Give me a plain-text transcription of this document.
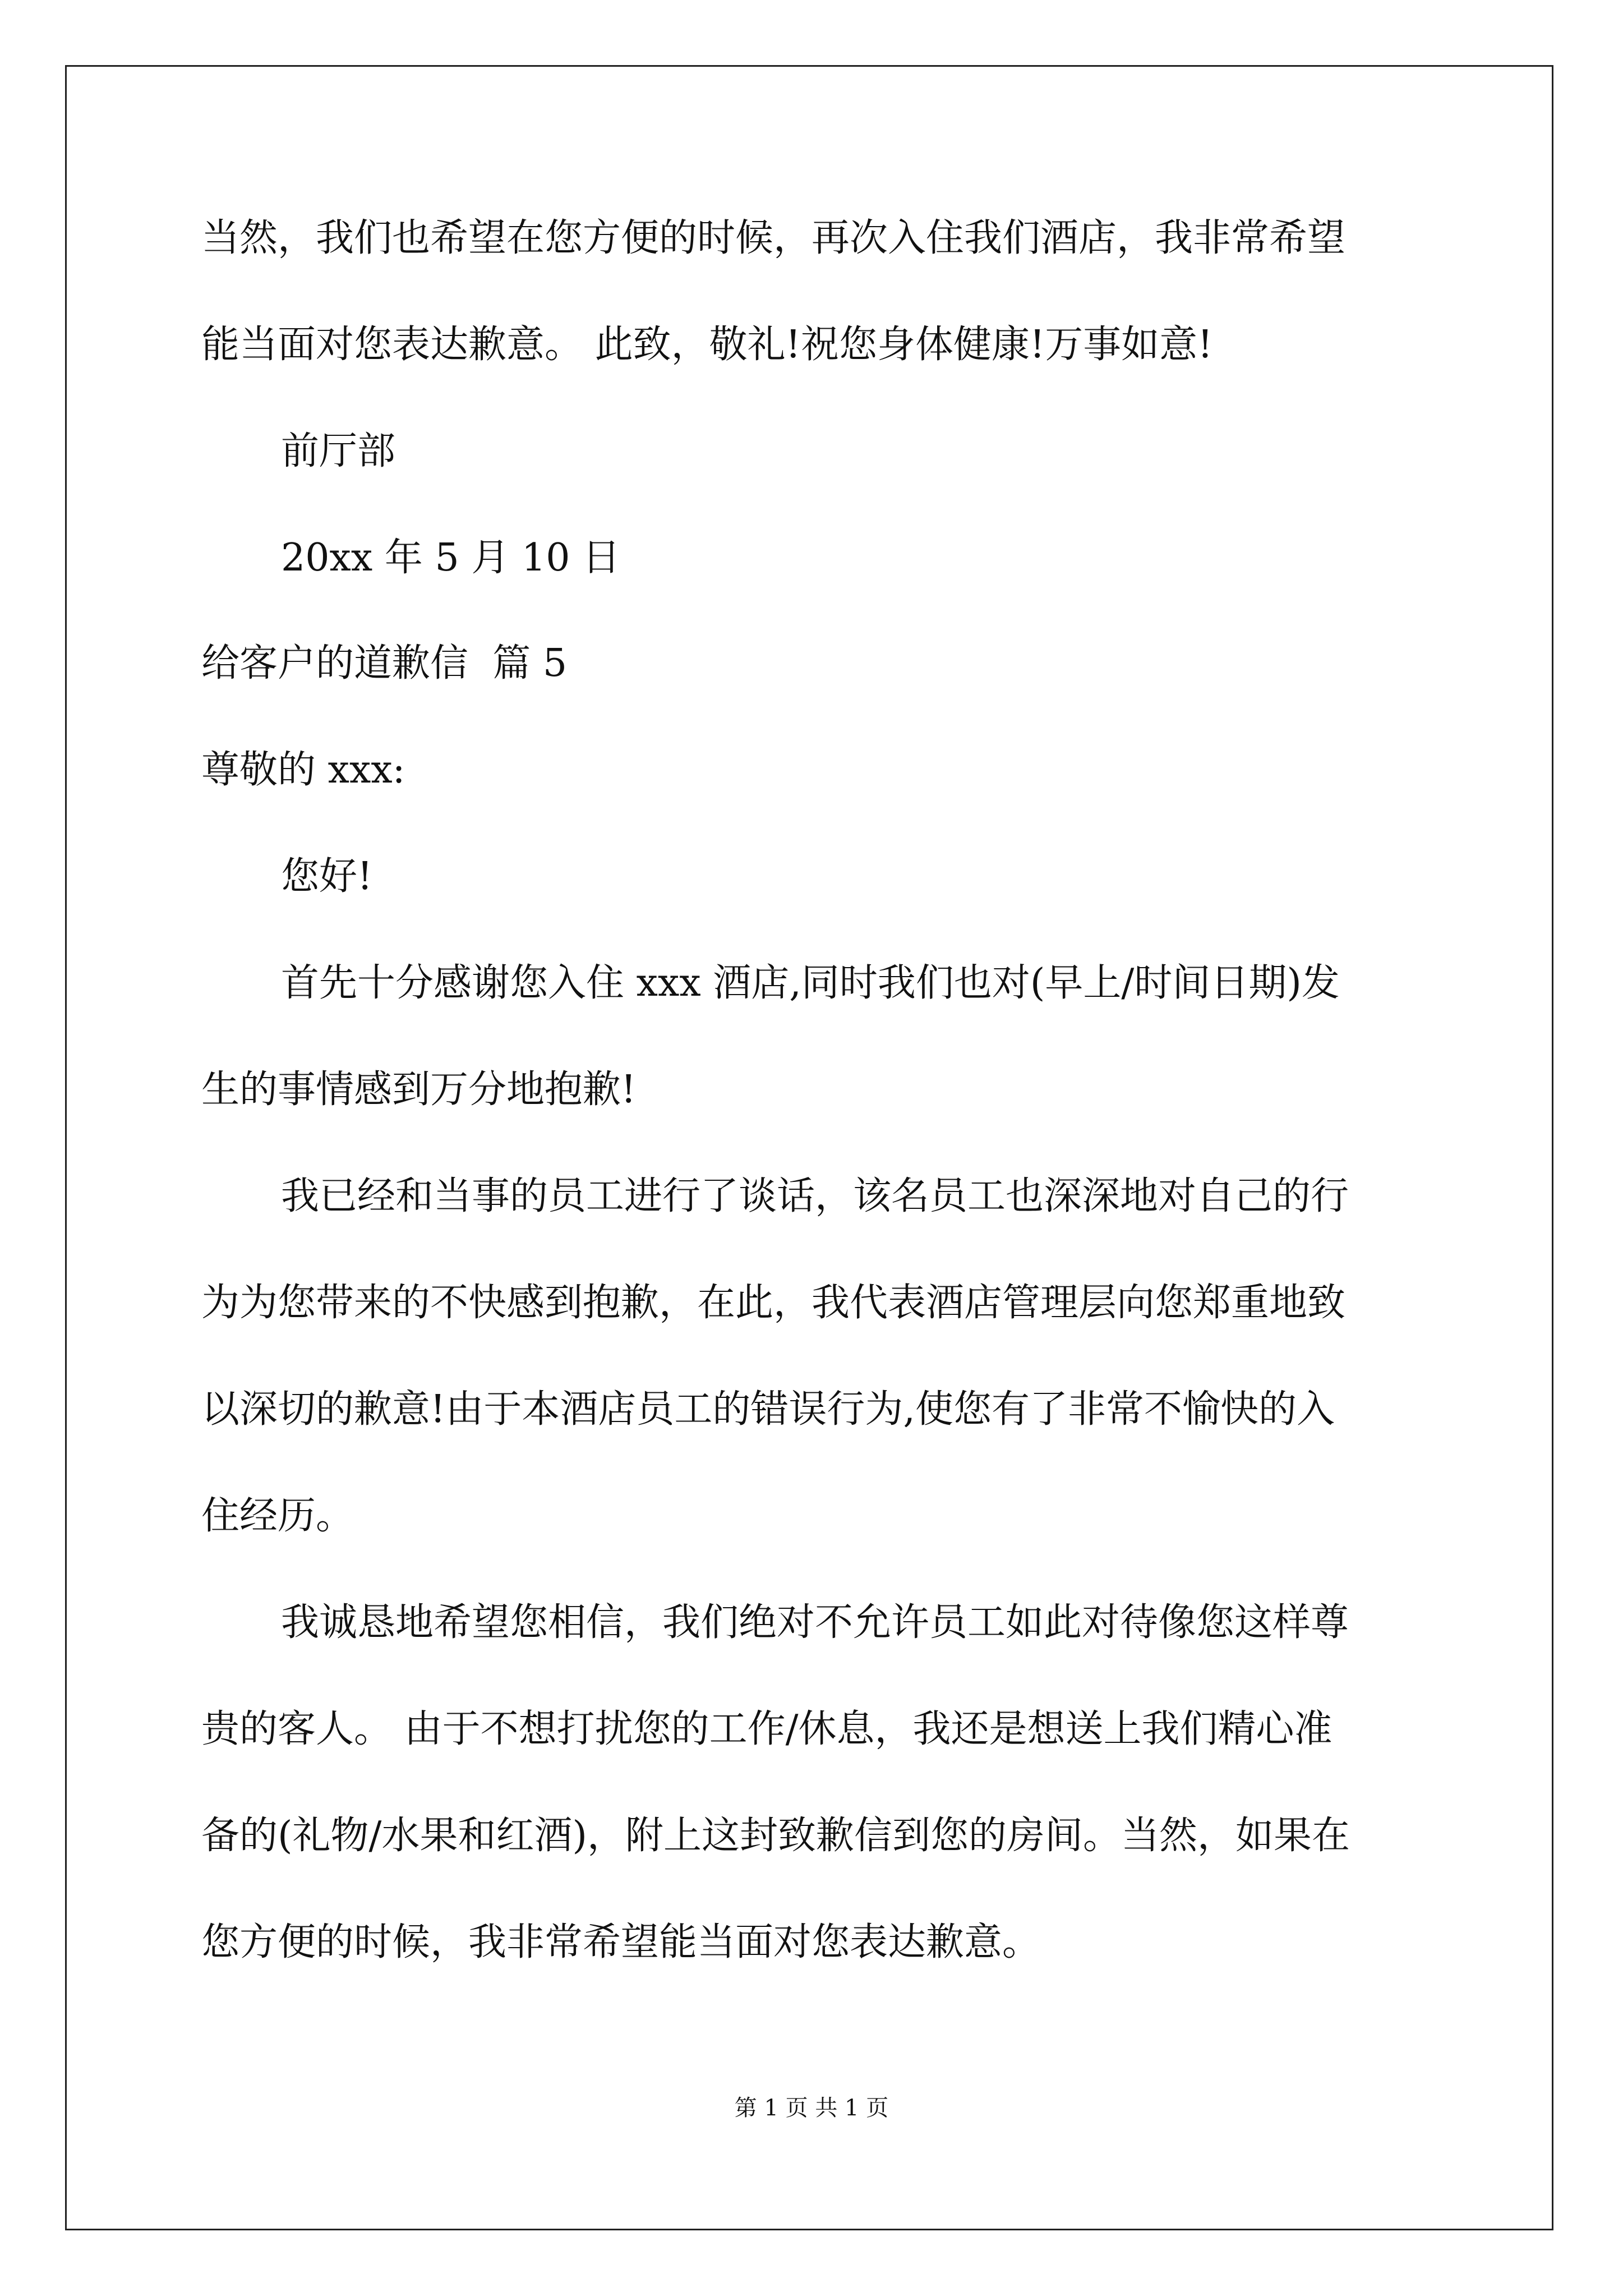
当然，我们也希望在您方便的时候，再次入住我们酒店，我非常希望
能当面对您表达歉意。 此致，敬礼!祝您身体健康!万事如意!
前厅部
20xx 年 5 月 10 日
给客户的道歉信  篇 5
尊敬的 xxx:
您好!
首先十分感谢您入住 xxx 酒店,同时我们也对(早上/时间日期)发
生的事情感到万分地抱歉!
我已经和当事的员工进行了谈话，该名员工也深深地对自己的行
为为您带来的不快感到抱歉，在此，我代表酒店管理层向您郑重地致
以深切的歉意!由于本酒店员工的错误行为,使您有了非常不愉快的入
住经历。
我诚恳地希望您相信，我们绝对不允许员工如此对待像您这样尊
贵的客人。 由于不想打扰您的工作/休息，我还是想送上我们精心准
备的(礼物/水果和红酒)，附上这封致歉信到您的房间。当然，如果在
您方便的时候，我非常希望能当面对您表达歉意。
第 1 页 共 1 页
